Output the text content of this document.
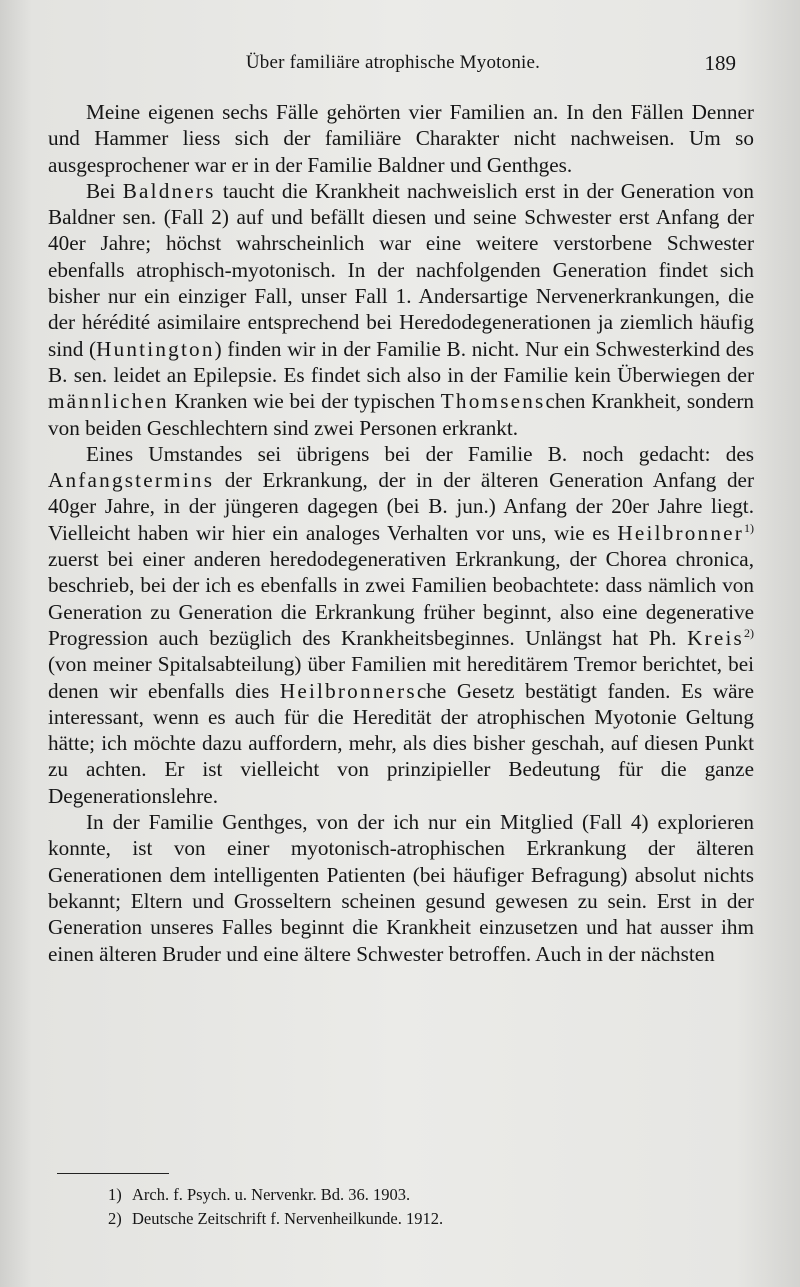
Über familiäre atrophische Myotonie.	189

Meine eigenen sechs Fälle gehörten vier Familien an. In den Fällen Denner und Hammer liess sich der familiäre Charakter nicht nachweisen. Um so ausgesprochener war er in der Familie Baldner und Genthges.

Bei Baldners taucht die Krankheit nachweislich erst in der Generation von Baldner sen. (Fall 2) auf und befällt diesen und seine Schwester erst Anfang der 40er Jahre; höchst wahrscheinlich war eine weitere verstorbene Schwester ebenfalls atrophisch-myotonisch. In der nachfolgenden Generation findet sich bisher nur ein einziger Fall, unser Fall 1. Andersartige Nervenerkrankungen, die der hérédité asimilaire entsprechend bei Heredodegenerationen ja ziemlich häufig sind (Huntington) finden wir in der Familie B. nicht. Nur ein Schwesterkind des B. sen. leidet an Epilepsie. Es findet sich also in der Familie kein Überwiegen der männlichen Kranken wie bei der typischen Thomsenschen Krankheit, sondern von beiden Geschlechtern sind zwei Personen erkrankt.

Eines Umstandes sei übrigens bei der Familie B. noch gedacht: des Anfangstermins der Erkrankung, der in der älteren Generation Anfang der 40ger Jahre, in der jüngeren dagegen (bei B. jun.) Anfang der 20er Jahre liegt. Vielleicht haben wir hier ein analoges Verhalten vor uns, wie es Heilbronner$^{1)}$ zuerst bei einer anderen heredodegenerativen Erkrankung, der Chorea chronica, beschrieb, bei der ich es ebenfalls in zwei Familien beobachtete: dass nämlich von Generation zu Generation die Erkrankung früher beginnt, also eine degenerative Progression auch bezüglich des Krankheitsbeginnes. Unlängst hat Ph. Kreis$^{2)}$ (von meiner Spitalsabteilung) über Familien mit hereditärem Tremor berichtet, bei denen wir ebenfalls dies Heilbronnersche Gesetz bestätigt fanden. Es wäre interessant, wenn es auch für die Heredität der atrophischen Myotonie Geltung hätte; ich möchte dazu auffordern, mehr, als dies bisher geschah, auf diesen Punkt zu achten. Er ist vielleicht von prinzipieller Bedeutung für die ganze Degenerationslehre.

In der Familie Genthges, von der ich nur ein Mitglied (Fall 4) explorieren konnte, ist von einer myotonisch-atrophischen Erkrankung der älteren Generationen dem intelligenten Patienten (bei häufiger Befragung) absolut nichts bekannt; Eltern und Grosseltern scheinen gesund gewesen zu sein. Erst in der Generation unseres Falles beginnt die Krankheit einzusetzen und hat ausser ihm einen älteren Bruder und eine ältere Schwester betroffen. Auch in der nächsten

1) Arch. f. Psych. u. Nervenkr. Bd. 36. 1903.
2) Deutsche Zeitschrift f. Nervenheilkunde. 1912.
